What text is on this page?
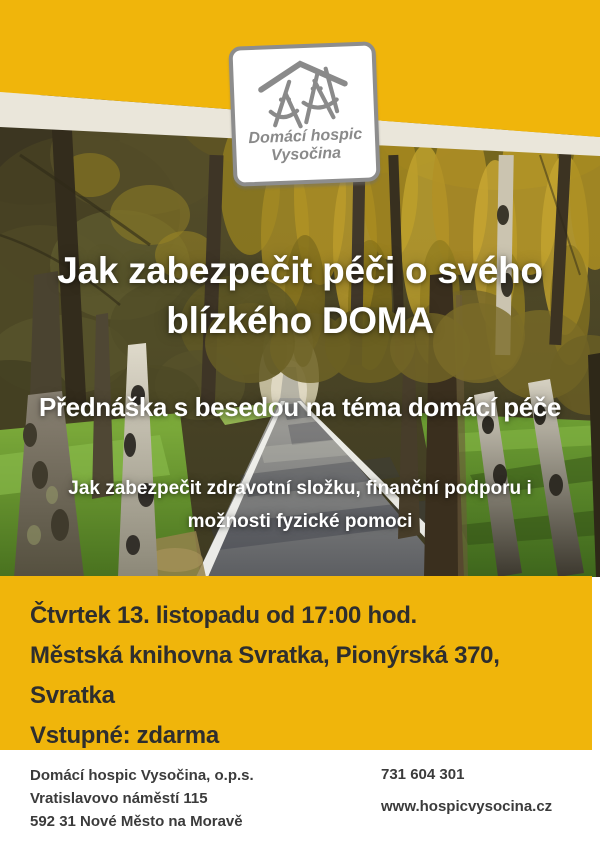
Domácí hospic
Vysočina
Jak zabezpečit péči o svého
blízkého DOMA
Přednáška s besedou na téma domácí péče
Jak zabezpečit zdravotní složku, finanční podporu i
možnosti fyzické pomoci
Čtvrtek 13. listopadu od 17:00 hod.
Městská knihovna Svratka, Pionýrská 370,
Svratka
Vstupné: zdarma
Domácí hospic Vysočina, o.p.s.
Vratislavovo náměstí 115
592 31 Nové Město na Moravě
731 604 301
www.hospicvysocina.cz
